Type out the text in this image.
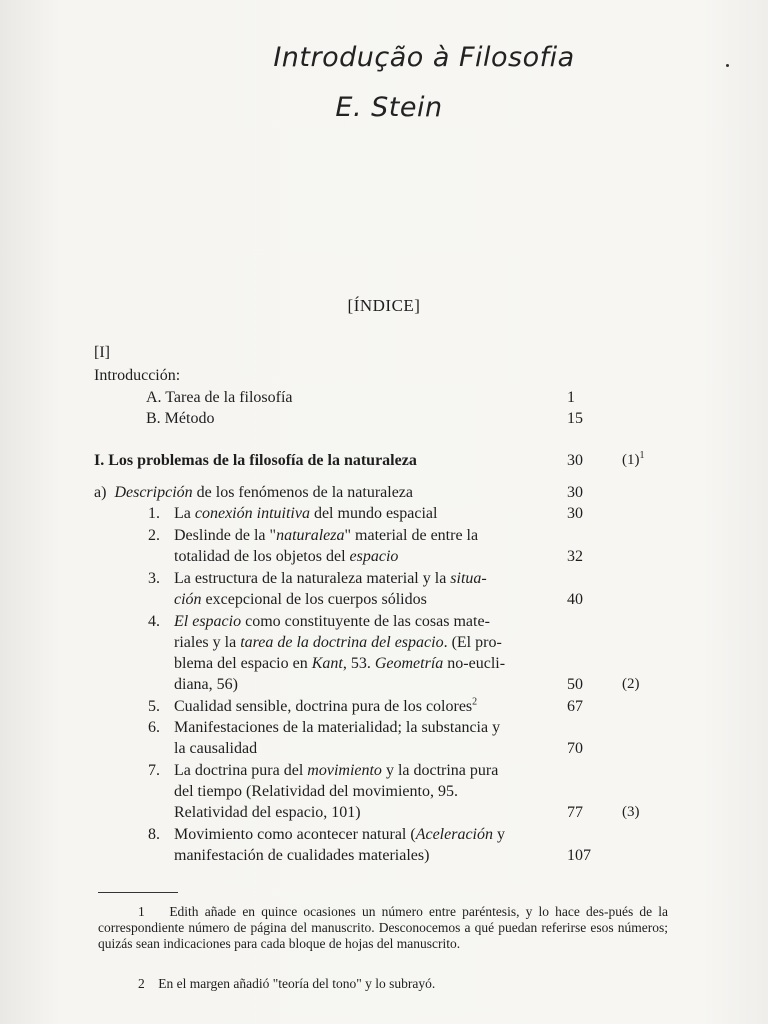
Introdução à Filosofia
E. Stein
[ÍNDICE]
[I]
Introducción:
A. Tarea de la filosofía	1
B. Método	15
I. Los problemas de la filosofía de la naturaleza	30	$(1)^1$
a) Descripción de los fenómenos de la naturaleza	30
1. La conexión intuitiva del mundo espacial	30
2. Deslinde de la "naturaleza" material de entre la
totalidad de los objetos del espacio	32
3. La estructura de la naturaleza material y la situa-
ción excepcional de los cuerpos sólidos	40
4. El espacio como constituyente de las cosas mate-
riales y la tarea de la doctrina del espacio. (El pro-
blema del espacio en Kant, 53. Geometría no-eucli-
diana, 56)	50	(2)
5. Cualidad sensible, doctrina pura de los colores$^2$	67
6. Manifestaciones de la materialidad; la substancia y
la causalidad	70
7. La doctrina pura del movimiento y la doctrina pura
del tiempo (Relatividad del movimiento, 95.
Relatividad del espacio, 101)	77	(3)
8. Movimiento como acontecer natural (Aceleración y
manifestación de cualidades materiales)	107
1 Edith añade en quince ocasiones un número entre paréntesis, y lo hace des-pués de la correspondiente número de página del manuscrito. Desconocemos a qué puedan referirse esos números; quizás sean indicaciones para cada bloque de hojas del manuscrito.
2 En el margen añadió "teoría del tono" y lo subrayó.
